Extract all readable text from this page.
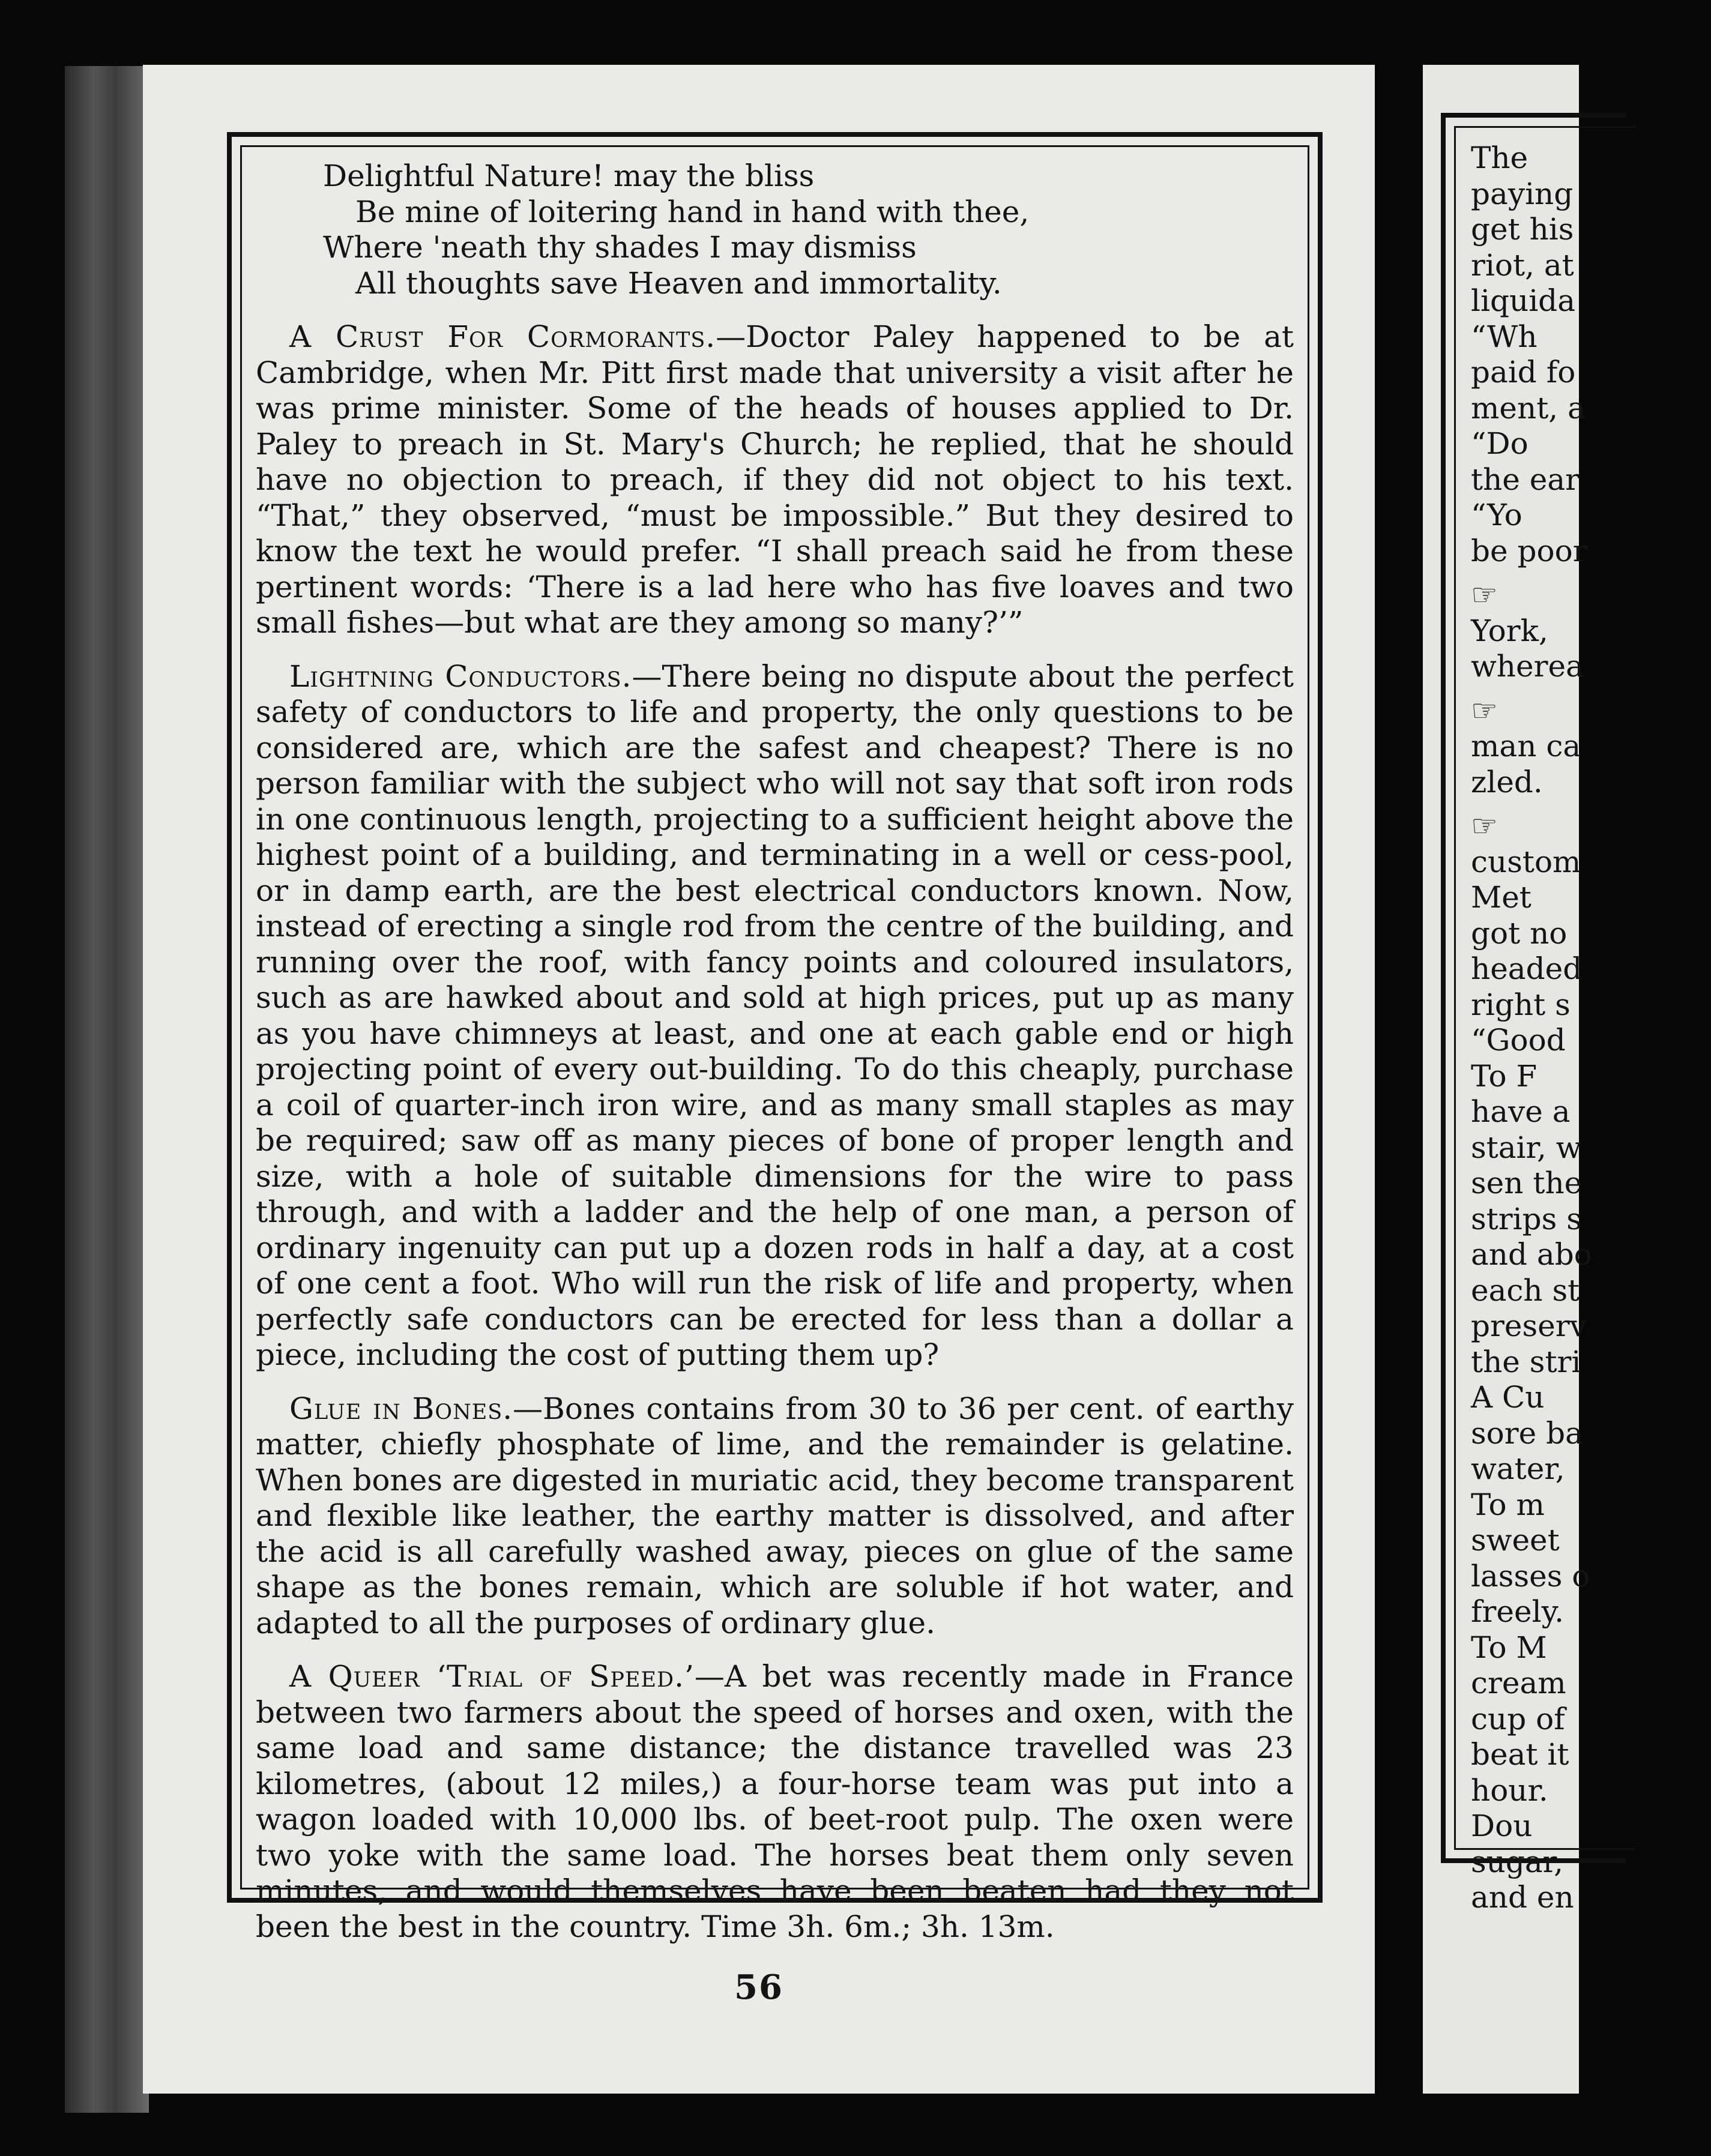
Delightful Nature! may the bliss
Be mine of loitering hand in hand with thee,
Where 'neath thy shades I may dismiss
All thoughts save Heaven and immortality.

A Crust For Cormorants.—Doctor Paley happened to be at Cambridge, when Mr. Pitt first made that university a visit after he was prime minister. Some of the heads of houses applied to Dr. Paley to preach in St. Mary's Church; he replied, that he should have no objection to preach, if they did not object to his text. “That,” they observed, “must be impossible.” But they desired to know the text he would prefer. “I shall preach said he from these pertinent words: ‘There is a lad here who has five loaves and two small fishes—but what are they among so many?’”

Lightning Conductors.—There being no dispute about the perfect safety of conductors to life and property, the only questions to be considered are, which are the safest and cheapest? There is no person familiar with the subject who will not say that soft iron rods in one continuous length, projecting to a sufficient height above the highest point of a building, and terminating in a well or cess-pool, or in damp earth, are the best electrical conductors known. Now, instead of erecting a single rod from the centre of the building, and running over the roof, with fancy points and coloured insulators, such as are hawked about and sold at high prices, put up as many as you have chimneys at least, and one at each gable end or high projecting point of every out-building. To do this cheaply, purchase a coil of quarter-inch iron wire, and as many small staples as may be required; saw off as many pieces of bone of proper length and size, with a hole of suitable dimensions for the wire to pass through, and with a ladder and the help of one man, a person of ordinary ingenuity can put up a dozen rods in half a day, at a cost of one cent a foot. Who will run the risk of life and property, when perfectly safe conductors can be erected for less than a dollar a piece, including the cost of putting them up?

Glue in Bones.—Bones contains from 30 to 36 per cent. of earthy matter, chiefly phosphate of lime, and the remainder is gelatine. When bones are digested in muriatic acid, they become transparent and flexible like leather, the earthy matter is dissolved, and after the acid is all carefully washed away, pieces on glue of the same shape as the bones remain, which are soluble if hot water, and adapted to all the purposes of ordinary glue.

A Queer ‘Trial of Speed.’—A bet was recently made in France between two farmers about the speed of horses and oxen, with the same load and same distance; the distance travelled was 23 kilometres, (about 12 miles,) a four-horse team was put into a wagon loaded with 10,000 lbs. of beet-root pulp. The oxen were two yoke with the same load. The horses beat them only seven minutes, and would themselves have been beaten had they not been the best in the country. Time 3h. 6m.; 3h. 13m.

56
The
paying
get his
riot, at
liquida
“Wh
paid fo
ment, a
“Do
the ear
“Yo
be poor
☞
York,
wherea
☞
man ca
zled.
☞
custom
Met
got no
headed
right s
“Good
To F
have a
stair, w
sen the
strips s
and abo
each st
preserv
the stri
A Cu
sore ba
water,
To m
sweet
lasses o
freely.
To M
cream
cup of
beat it
hour.
Dou
sugar,
and en
